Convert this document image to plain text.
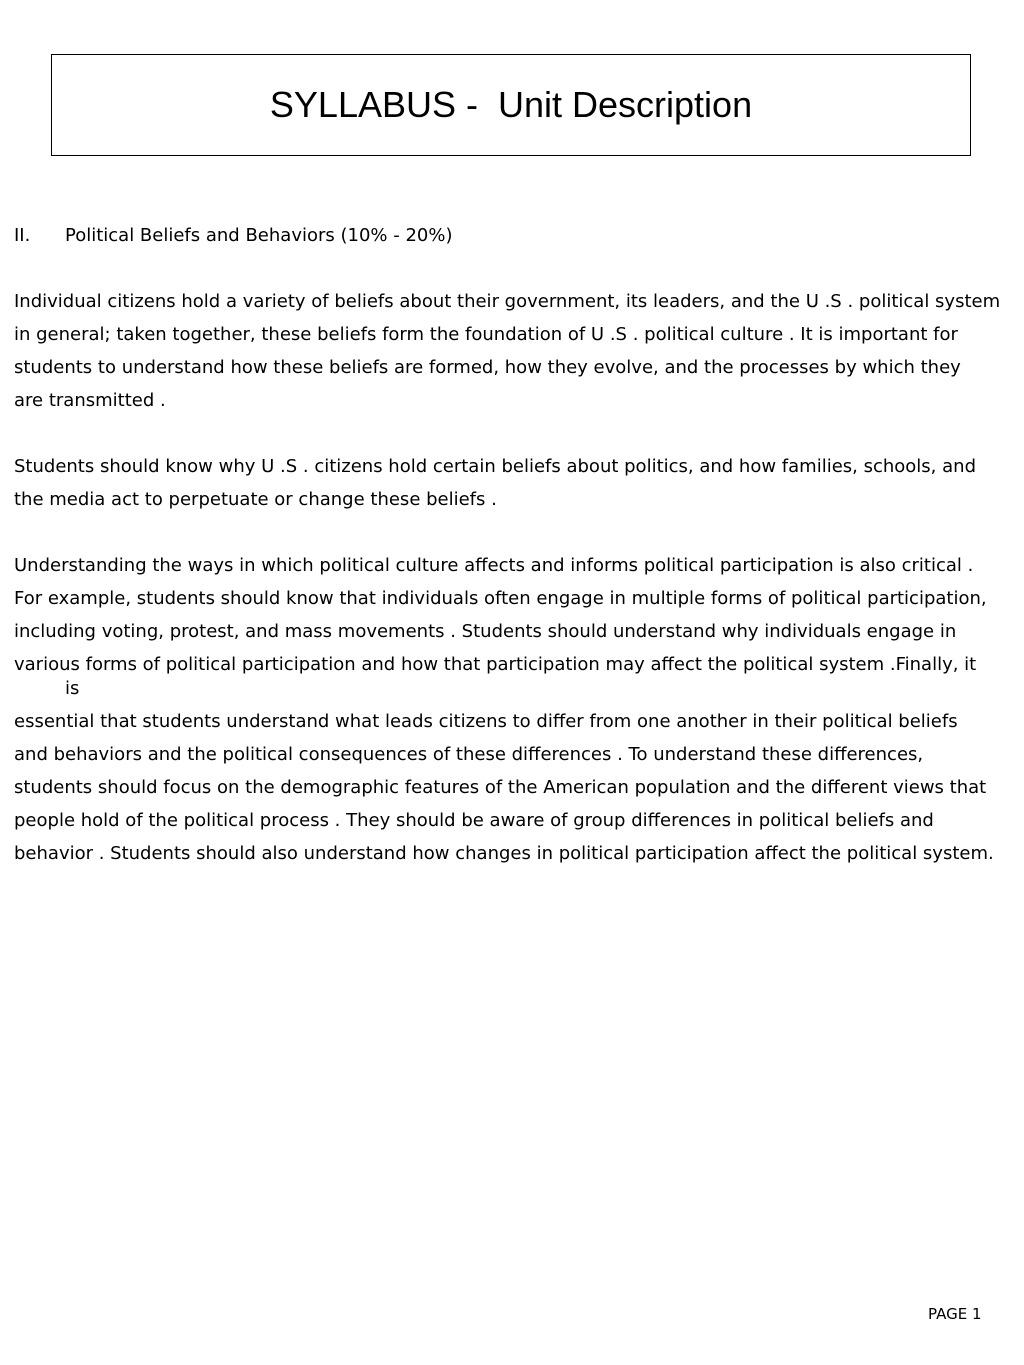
SYLLABUS -  Unit Description

II.	Political Beliefs and Behaviors (10% - 20%)

Individual citizens hold a variety of beliefs about their government, its leaders, and the U .S . political system

in general; taken together, these beliefs form the foundation of U .S . political culture . It is important for

students to understand how these beliefs are formed, how they evolve, and the processes by which they

are transmitted .

Students should know why U .S . citizens hold certain beliefs about politics, and how families, schools, and

the media act to perpetuate or change these beliefs .

Understanding the ways in which political culture affects and informs political participation is also critical .

For example, students should know that individuals often engage in multiple forms of political participation,

including voting, protest, and mass movements . Students should understand why individuals engage in

various forms of political participation and how that participation may affect the political system .Finally, it

is

essential that students understand what leads citizens to differ from one another in their political beliefs

and behaviors and the political consequences of these differences . To understand these differences,

students should focus on the demographic features of the American population and the different views that

people hold of the political process . They should be aware of group differences in political beliefs and

behavior . Students should also understand how changes in political participation affect the political system.

PAGE 1
